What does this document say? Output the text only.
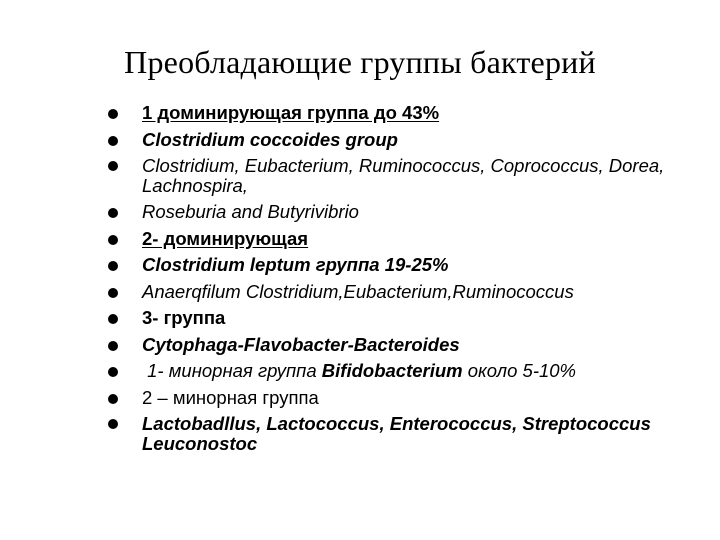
Преобладающие группы бактерий
1 доминирующая группа до 43%
Clostridium coccoides group
Clostridium, Eubacterium, Ruminococcus, Coprococcus, Dorea, Lachnospira,
Roseburia and Butyrivibrio
2- доминирующая
Clostridium leptum группа 19-25%
Anaerqfilum Clostridium,Eubacterium,Ruminococcus
3- группа
Cytophaga-Flavobacter-Bacteroides
1- минорная группа Bifidobacterium около 5-10%
2 – минорная группа
Lactobadllus, Lactococcus, Enterococcus, Streptococcus Leuconostoc
